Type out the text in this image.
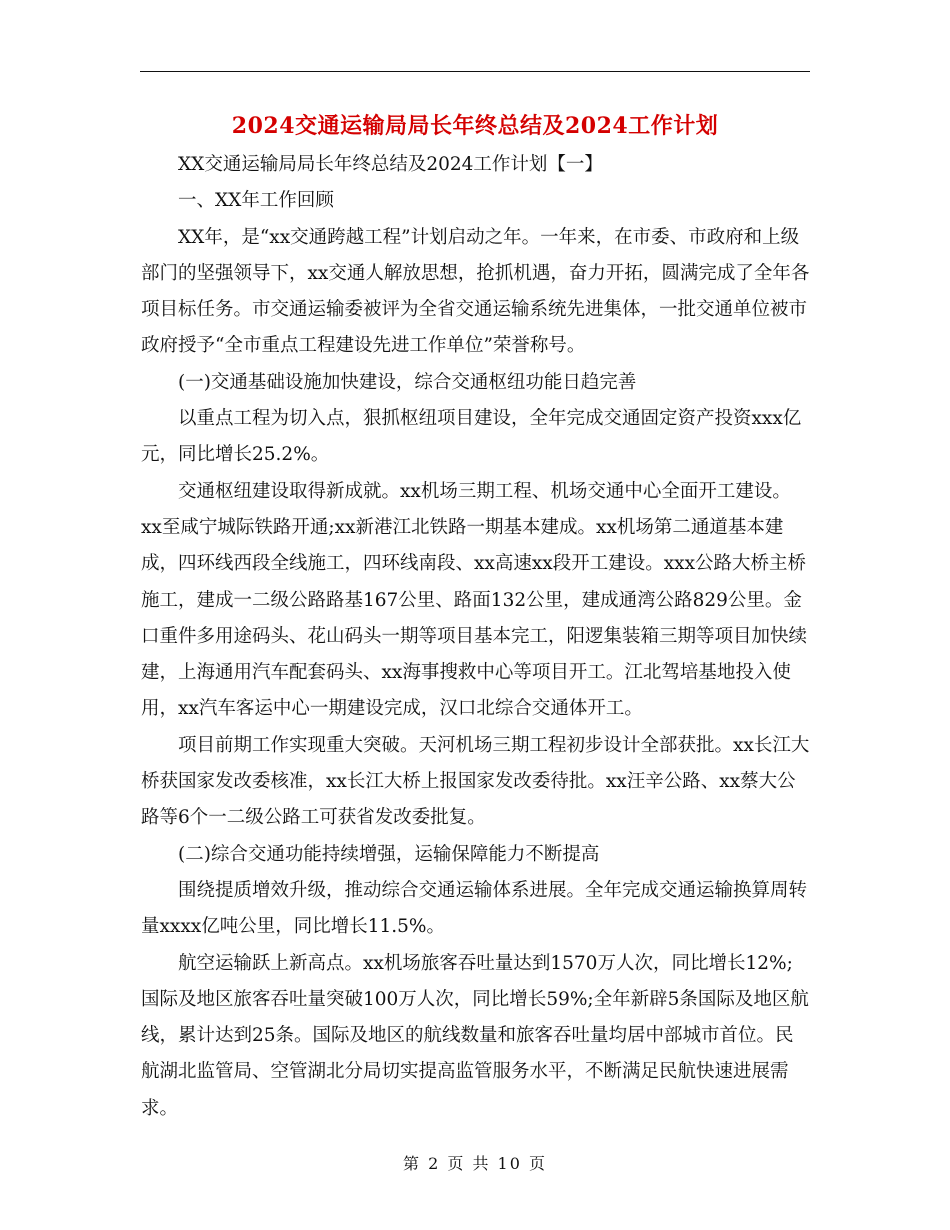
2024交通运输局局长年终总结及2024工作计划

XX交通运输局局长年终总结及2024工作计划【一】

一、XX年工作回顾

XX年，是“xx交通跨越工程”计划启动之年。一年来，在市委、市政府和上级部门的坚强领导下，xx交通人解放思想，抢抓机遇，奋力开拓，圆满完成了全年各项目标任务。市交通运输委被评为全省交通运输系统先进集体，一批交通单位被市政府授予“全市重点工程建设先进工作单位”荣誉称号。

(一)交通基础设施加快建设，综合交通枢纽功能日趋完善

以重点工程为切入点，狠抓枢纽项目建设，全年完成交通固定资产投资xxx亿元，同比增长25.2%。

交通枢纽建设取得新成就。xx机场三期工程、机场交通中心全面开工建设。xx至咸宁城际铁路开通;xx新港江北铁路一期基本建成。xx机场第二通道基本建成，四环线西段全线施工，四环线南段、xx高速xx段开工建设。xxx公路大桥主桥施工，建成一二级公路路基167公里、路面132公里，建成通湾公路829公里。金口重件多用途码头、花山码头一期等项目基本完工，阳逻集装箱三期等项目加快续建，上海通用汽车配套码头、xx海事搜救中心等项目开工。江北驾培基地投入使用，xx汽车客运中心一期建设完成，汉口北综合交通体开工。

项目前期工作实现重大突破。天河机场三期工程初步设计全部获批。xx长江大桥获国家发改委核准，xx长江大桥上报国家发改委待批。xx汪辛公路、xx蔡大公路等6个一二级公路工可获省发改委批复。

(二)综合交通功能持续增强，运输保障能力不断提高

围绕提质增效升级，推动综合交通运输体系进展。全年完成交通运输换算周转量xxxx亿吨公里，同比增长11.5%。

航空运输跃上新高点。xx机场旅客吞吐量达到1570万人次，同比增长12%;国际及地区旅客吞吐量突破100万人次，同比增长59%;全年新辟5条国际及地区航线，累计达到25条。国际及地区的航线数量和旅客吞吐量均居中部城市首位。民航湖北监管局、空管湖北分局切实提高监管服务水平，不断满足民航快速进展需求。

第 2 页 共 10 页
